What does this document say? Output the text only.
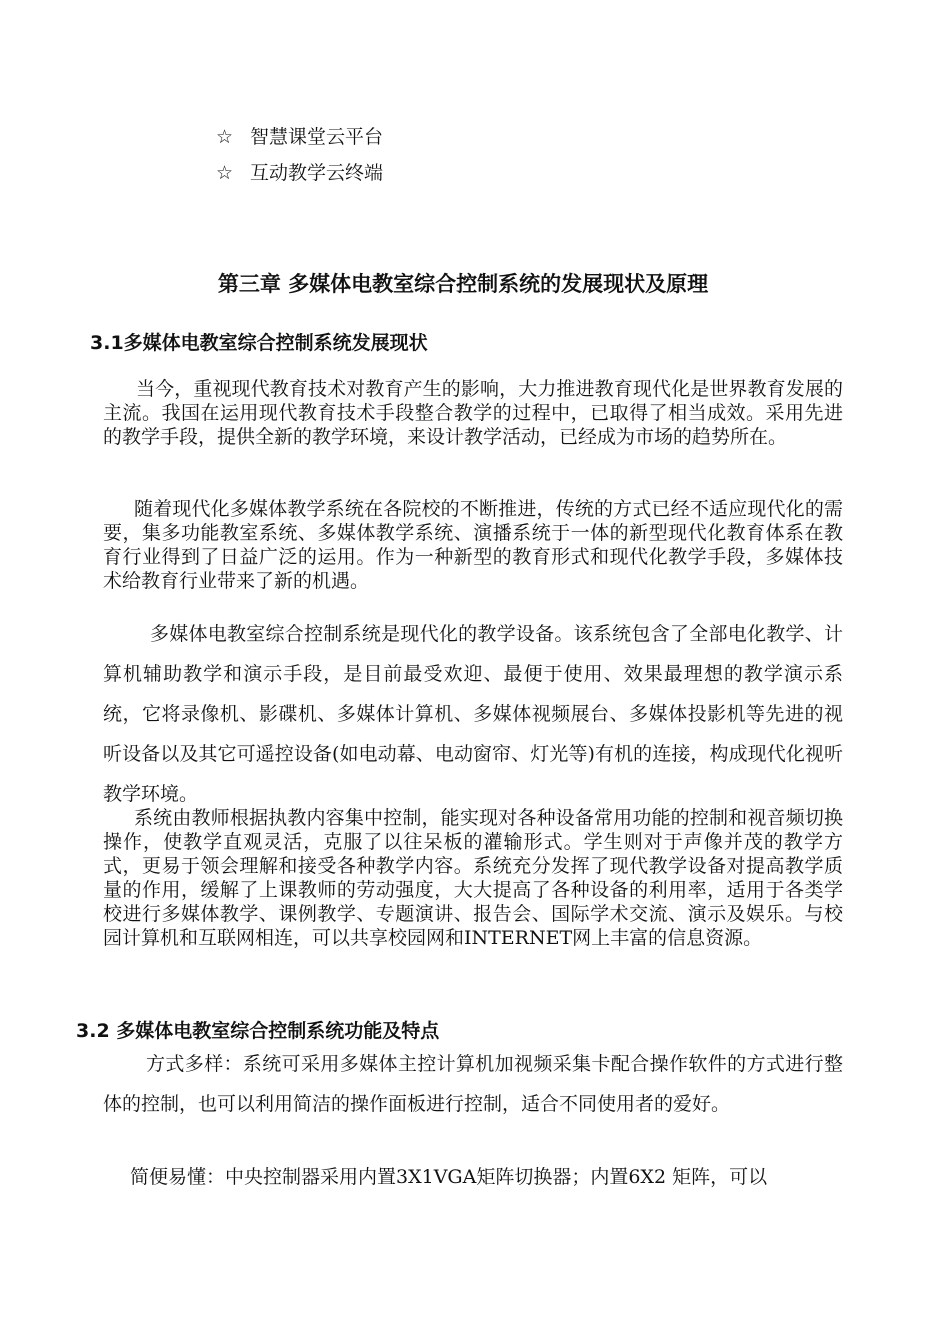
☆ 智慧课堂云平台
☆ 互动教学云终端
第三章 多媒体电教室综合控制系统的发展现状及原理
3.1多媒体电教室综合控制系统发展现状

当今，重视现代教育技术对教育产生的影响，大力推进教育现代化是世界教育发展的主流。我国在运用现代教育技术手段整合教学的过程中，已取得了相当成效。采用先进的教学手段，提供全新的教学环境，来设计教学活动，已经成为市场的趋势所在。

随着现代化多媒体教学系统在各院校的不断推进，传统的方式已经不适应现代化的需要，集多功能教室系统、多媒体教学系统、演播系统于一体的新型现代化教育体系在教育行业得到了日益广泛的运用。作为一种新型的教育形式和现代化教学手段，多媒体技术给教育行业带来了新的机遇。

多媒体电教室综合控制系统是现代化的教学设备。该系统包含了全部电化教学、计算机辅助教学和演示手段，是目前最受欢迎、最便于使用、效果最理想的教学演示系统，它将录像机、影碟机、多媒体计算机、多媒体视频展台、多媒体投影机等先进的视听设备以及其它可遥控设备(如电动幕、电动窗帘、灯光等)有机的连接，构成现代化视听教学环境。

系统由教师根据执教内容集中控制，能实现对各种设备常用功能的控制和视音频切换操作，使教学直观灵活，克服了以往呆板的灌输形式。学生则对于声像并茂的教学方式，更易于领会理解和接受各种教学内容。系统充分发挥了现代教学设备对提高教学质量的作用，缓解了上课教师的劳动强度，大大提高了各种设备的利用率，适用于各类学校进行多媒体教学、课例教学、专题演讲、报告会、国际学术交流、演示及娱乐。与校园计算机和互联网相连，可以共享校园网和INTERNET网上丰富的信息资源。

3.2 多媒体电教室综合控制系统功能及特点

方式多样：系统可采用多媒体主控计算机加视频采集卡配合操作软件的方式进行整体的控制，也可以利用简洁的操作面板进行控制，适合不同使用者的爱好。

简便易懂：中央控制器采用内置3X1VGA矩阵切换器；内置6X2 矩阵，可以
